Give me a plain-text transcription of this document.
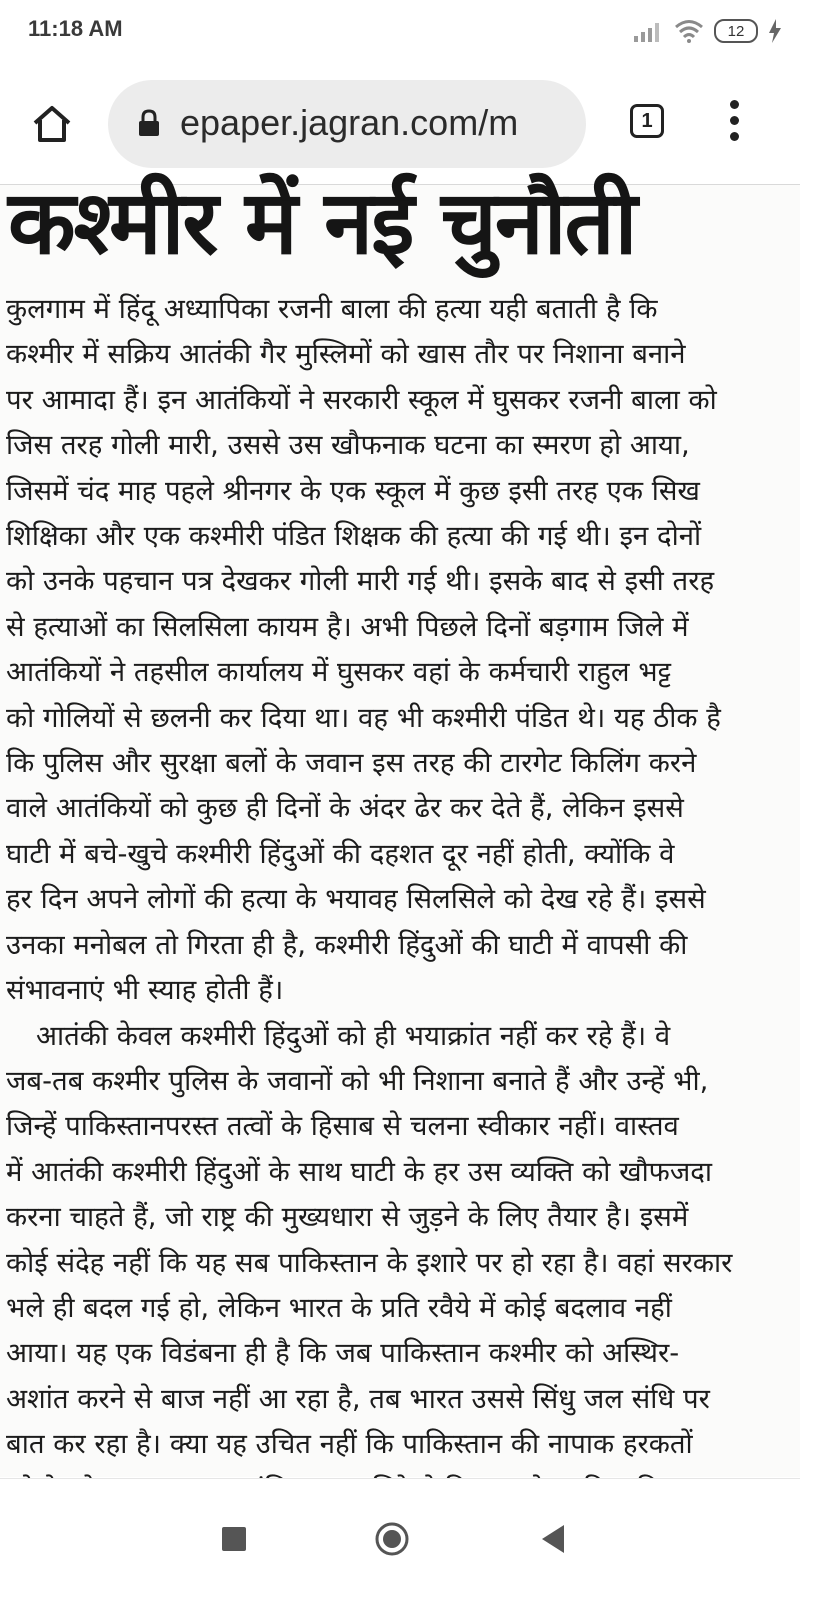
11:18 AM	12
epaper.jagran.com/m	1
कश्मीर में नई चुनौती
कुलगाम में हिंदू अध्यापिका रजनी बाला की हत्या यही बताती है कि
कश्मीर में सक्रिय आतंकी गैर मुस्लिमों को खास तौर पर निशाना बनाने
पर आमादा हैं। इन आतंकियों ने सरकारी स्कूल में घुसकर रजनी बाला को
जिस तरह गोली मारी, उससे उस खौफनाक घटना का स्मरण हो आया,
जिसमें चंद माह पहले श्रीनगर के एक स्कूल में कुछ इसी तरह एक सिख
शिक्षिका और एक कश्मीरी पंडित शिक्षक की हत्या की गई थी। इन दोनों
को उनके पहचान पत्र देखकर गोली मारी गई थी। इसके बाद से इसी तरह
से हत्याओं का सिलसिला कायम है। अभी पिछले दिनों बड़गाम जिले में
आतंकियों ने तहसील कार्यालय में घुसकर वहां के कर्मचारी राहुल भट्ट
को गोलियों से छलनी कर दिया था। वह भी कश्मीरी पंडित थे। यह ठीक है
कि पुलिस और सुरक्षा बलों के जवान इस तरह की टारगेट किलिंग करने
वाले आतंकियों को कुछ ही दिनों के अंदर ढेर कर देते हैं, लेकिन इससे
घाटी में बचे-खुचे कश्मीरी हिंदुओं की दहशत दूर नहीं होती, क्योंकि वे
हर दिन अपने लोगों की हत्या के भयावह सिलसिले को देख रहे हैं। इससे
उनका मनोबल तो गिरता ही है, कश्मीरी हिंदुओं की घाटी में वापसी की
संभावनाएं भी स्याह होती हैं।
आतंकी केवल कश्मीरी हिंदुओं को ही भयाक्रांत नहीं कर रहे हैं। वे
जब-तब कश्मीर पुलिस के जवानों को भी निशाना बनाते हैं और उन्हें भी,
जिन्हें पाकिस्तानपरस्त तत्वों के हिसाब से चलना स्वीकार नहीं। वास्तव
में आतंकी कश्मीरी हिंदुओं के साथ घाटी के हर उस व्यक्ति को खौफजदा
करना चाहते हैं, जो राष्ट्र की मुख्यधारा से जुड़ने के लिए तैयार है। इसमें
कोई संदेह नहीं कि यह सब पाकिस्तान के इशारे पर हो रहा है। वहां सरकार
भले ही बदल गई हो, लेकिन भारत के प्रति रवैये में कोई बदलाव नहीं
आया। यह एक विडंबना ही है कि जब पाकिस्तान कश्मीर को अस्थिर-
अशांत करने से बाज नहीं आ रहा है, तब भारत उससे सिंधु जल संधि पर
बात कर रहा है। क्या यह उचित नहीं कि पाकिस्तान की नापाक हरकतों
